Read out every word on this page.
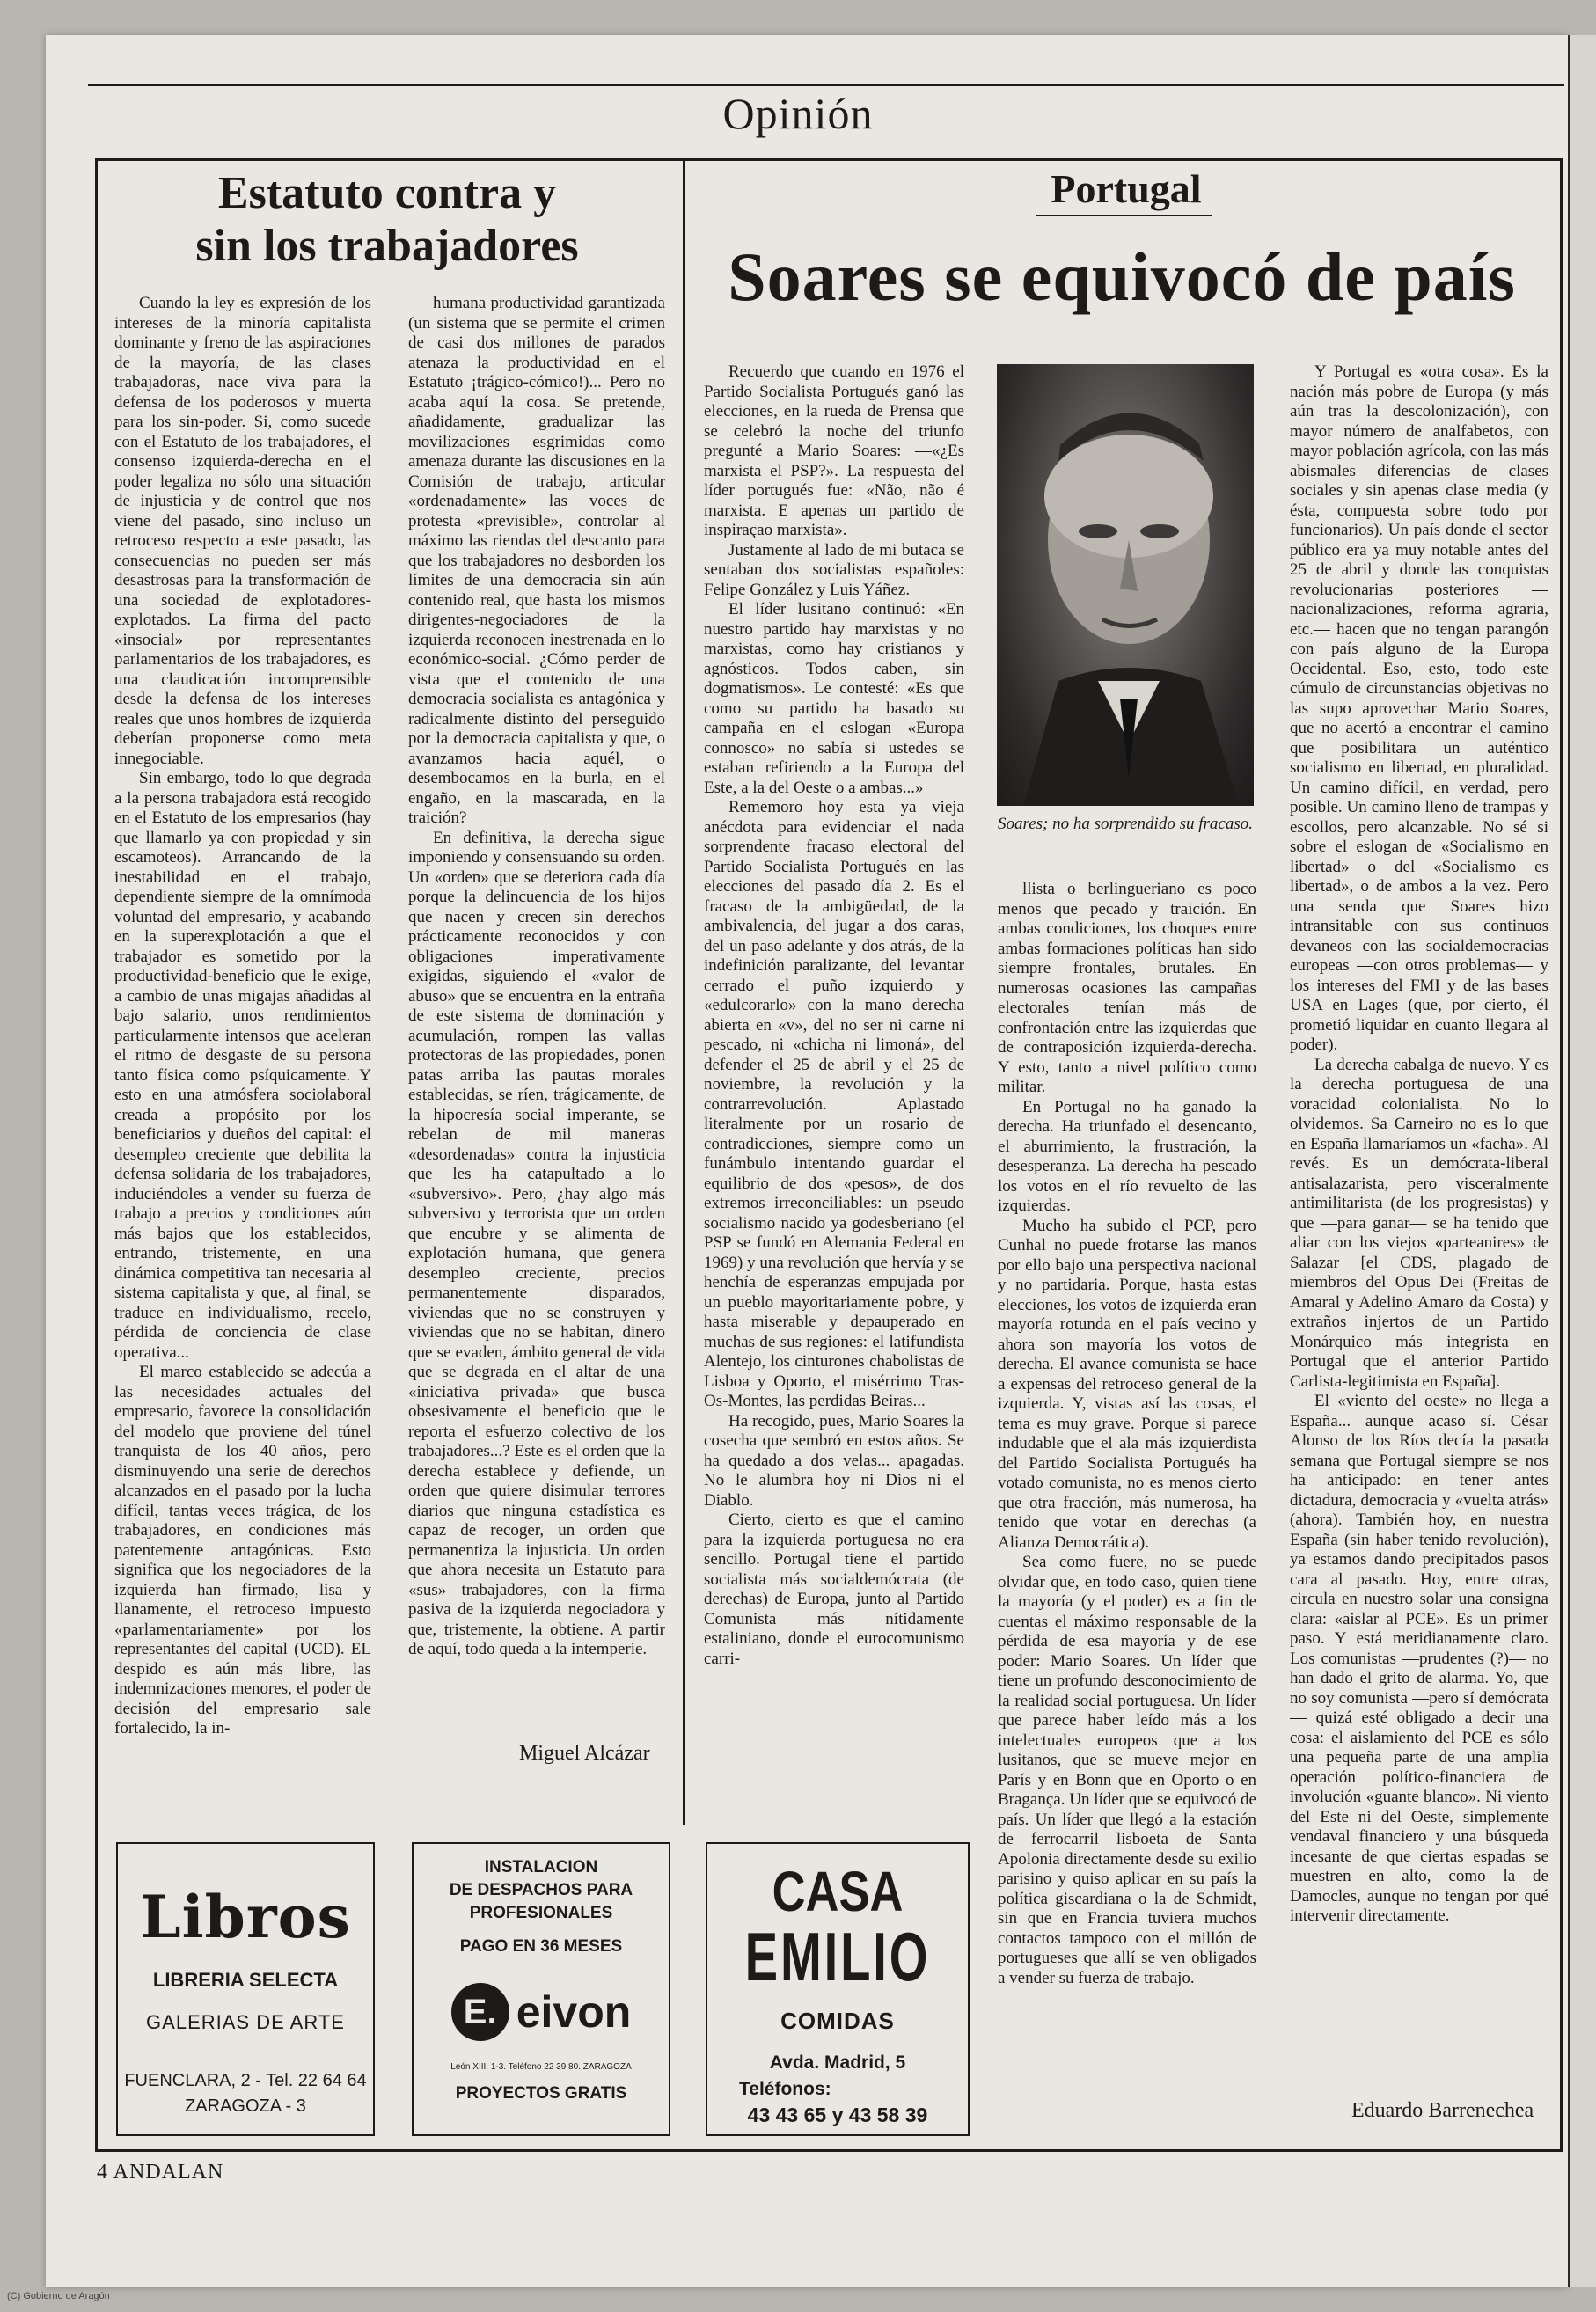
Opinión
Estatuto contra y
sin los trabajadores

Cuando la ley es expresión de los intereses de la minoría capitalista dominante y freno de las aspiraciones de la mayoría, de las clases trabajadoras, nace viva para la defensa de los poderosos y muerta para los sin-poder. Si, como sucede con el Estatuto de los trabajadores, el consenso izquierda-derecha en el poder legaliza no sólo una situación de injusticia y de control que nos viene del pasado, sino incluso un retroceso respecto a este pasado, las consecuencias no pueden ser más desastrosas para la transformación de una sociedad de explotadores-explotados. La firma del pacto «insocial» por representantes parlamentarios de los trabajadores, es una claudicación incomprensible desde la defensa de los intereses reales que unos hombres de izquierda deberían proponerse como meta innegociable.

Sin embargo, todo lo que degrada a la persona trabajadora está recogido en el Estatuto de los empresarios (hay que llamarlo ya con propiedad y sin escamoteos). Arrancando de la inestabilidad en el trabajo, dependiente siempre de la omnímoda voluntad del empresario, y acabando en la superexplotación a que el trabajador es sometido por la productividad-beneficio que le exige, a cambio de unas migajas añadidas al bajo salario, unos rendimientos particularmente intensos que aceleran el ritmo de desgaste de su persona tanto física como psíquicamente. Y esto en una atmósfera sociolaboral creada a propósito por los beneficiarios y dueños del capital: el desempleo creciente que debilita la defensa solidaria de los trabajadores, induciéndoles a vender su fuerza de trabajo a precios y condiciones aún más bajos que los establecidos, entrando, tristemente, en una dinámica competitiva tan necesaria al sistema capitalista y que, al final, se traduce en individualismo, recelo, pérdida de conciencia de clase operativa...

El marco establecido se adecúa a las necesidades actuales del empresario, favorece la consolidación del modelo que proviene del túnel tranquista de los 40 años, pero disminuyendo una serie de derechos alcanzados en el pasado por la lucha difícil, tantas veces trágica, de los trabajadores, en condiciones más patentemente antagónicas. Esto significa que los negociadores de la izquierda han firmado, lisa y llanamente, el retroceso impuesto «parlamentariamente» por los representantes del capital (UCD). EL despido es aún más libre, las indemnizaciones menores, el poder de decisión del empresario sale fortalecido, la in-

humana productividad garantizada (un sistema que se permite el crimen de casi dos millones de parados atenaza la productividad en el Estatuto ¡trágico-cómico!)... Pero no acaba aquí la cosa. Se pretende, añadidamente, gradualizar las movilizaciones esgrimidas como amenaza durante las discusiones en la Comisión de trabajo, articular «ordenadamente» las voces de protesta «previsible», controlar al máximo las riendas del descanto para que los trabajadores no desborden los límites de una democracia sin aún contenido real, que hasta los mismos dirigentes-negociadores de la izquierda reconocen inestrenada en lo económico-social. ¿Cómo perder de vista que el contenido de una democracia socialista es antagónica y radicalmente distinto del perseguido por la democracia capitalista y que, o avanzamos hacia aquél, o desembocamos en la burla, en el engaño, en la mascarada, en la traición?

En definitiva, la derecha sigue imponiendo y consensuando su orden. Un «orden» que se deteriora cada día porque la delincuencia de los hijos que nacen y crecen sin derechos prácticamente reconocidos y con obligaciones imperativamente exigidas, siguiendo el «valor de abuso» que se encuentra en la entraña de este sistema de dominación y acumulación, rompen las vallas protectoras de las propiedades, ponen patas arriba las pautas morales establecidas, se ríen, trágicamente, de la hipocresía social imperante, se rebelan de mil maneras «desordenadas» contra la injusticia que les ha catapultado a lo «subversivo». Pero, ¿hay algo más subversivo y terrorista que un orden que encubre y se alimenta de explotación humana, que genera desempleo creciente, precios permanentemente disparados, viviendas que no se construyen y viviendas que no se habitan, dinero que se evaden, ámbito general de vida que se degrada en el altar de una «iniciativa privada» que busca obsesivamente el beneficio que le reporta el esfuerzo colectivo de los trabajadores...? Este es el orden que la derecha establece y defiende, un orden que quiere disimular terrores diarios que ninguna estadística es capaz de recoger, un orden que permanentiza la injusticia. Un orden que ahora necesita un Estatuto para «sus» trabajadores, con la firma pasiva de la izquierda negociadora y que, tristemente, la obtiene. A partir de aquí, todo queda a la intemperie.

Miguel Alcázar
Portugal
Soares se equivocó de país

Recuerdo que cuando en 1976 el Partido Socialista Portugués ganó las elecciones, en la rueda de Prensa que se celebró la noche del triunfo pregunté a Mario Soares: —«¿Es marxista el PSP?». La respuesta del líder portugués fue: «Não, não é marxista. E apenas un partido de inspiraçao marxista».

Justamente al lado de mi butaca se sentaban dos socialistas españoles: Felipe González y Luis Yáñez.

El líder lusitano continuó: «En nuestro partido hay marxistas y no marxistas, como hay cristianos y agnósticos. Todos caben, sin dogmatismos». Le contesté: «Es que como su partido ha basado su campaña en el eslogan «Europa connosco» no sabía si ustedes se estaban refiriendo a la Europa del Este, a la del Oeste o a ambas...»

Rememoro hoy esta ya vieja anécdota para evidenciar el nada sorprendente fracaso electoral del Partido Socialista Portugués en las elecciones del pasado día 2. Es el fracaso de la ambigüedad, de la ambivalencia, del jugar a dos caras, del un paso adelante y dos atrás, de la indefinición paralizante, del levantar cerrado el puño izquierdo y «edulcorarlo» con la mano derecha abierta en «v», del no ser ni carne ni pescado, ni «chicha ni limoná», del defender el 25 de abril y el 25 de noviembre, la revolución y la contrarrevolución. Aplastado literalmente por un rosario de contradicciones, siempre como un funámbulo intentando guardar el equilibrio de dos «pesos», de dos extremos irreconciliables: un pseudo socialismo nacido ya godesberiano (el PSP se fundó en Alemania Federal en 1969) y una revolución que hervía y se henchía de esperanzas empujada por un pueblo mayoritariamente pobre, y hasta miserable y depauperado en muchas de sus regiones: el latifundista Alentejo, los cinturones chabolistas de Lisboa y Oporto, el misérrimo Tras-Os-Montes, las perdidas Beiras...

Ha recogido, pues, Mario Soares la cosecha que sembró en estos años. Se ha quedado a dos velas... apagadas. No le alumbra hoy ni Dios ni el Diablo.

Cierto, cierto es que el camino para la izquierda portuguesa no era sencillo. Portugal tiene el partido socialista más socialdemócrata (de derechas) de Europa, junto al Partido Comunista más nítidamente estaliniano, donde el eurocomunismo carri-

Soares; no ha sorprendido su fracaso.

llista o berlingueriano es poco menos que pecado y traición. En ambas condiciones, los choques entre ambas formaciones políticas han sido siempre frontales, brutales. En numerosas ocasiones las campañas electorales tenían más de confrontación entre las izquierdas que de contraposición izquierda-derecha. Y esto, tanto a nivel político como militar.

En Portugal no ha ganado la derecha. Ha triunfado el desencanto, el aburrimiento, la frustración, la desesperanza. La derecha ha pescado los votos en el río revuelto de las izquierdas.

Mucho ha subido el PCP, pero Cunhal no puede frotarse las manos por ello bajo una perspectiva nacional y no partidaria. Porque, hasta estas elecciones, los votos de izquierda eran mayoría rotunda en el país vecino y ahora son mayoría los votos de derecha. El avance comunista se hace a expensas del retroceso general de la izquierda. Y, vistas así las cosas, el tema es muy grave. Porque si parece indudable que el ala más izquierdista del Partido Socialista Portugués ha votado comunista, no es menos cierto que otra fracción, más numerosa, ha tenido que votar en derechas (a Alianza Democrática).

Sea como fuere, no se puede olvidar que, en todo caso, quien tiene la mayoría (y el poder) es a fin de cuentas el máximo responsable de la pérdida de esa mayoría y de ese poder: Mario Soares. Un líder que tiene un profundo desconocimiento de la realidad social portuguesa. Un líder que parece haber leído más a los intelectuales europeos que a los lusitanos, que se mueve mejor en París y en Bonn que en Oporto o en Bragança. Un líder que se equivocó de país. Un líder que llegó a la estación de ferrocarril lisboeta de Santa Apolonia directamente desde su exilio parisino y quiso aplicar en su país la política giscardiana o la de Schmidt, sin que en Francia tuviera muchos contactos tampoco con el millón de portugueses que allí se ven obligados a vender su fuerza de trabajo.

Y Portugal es «otra cosa». Es la nación más pobre de Europa (y más aún tras la descolonización), con mayor número de analfabetos, con mayor población agrícola, con las más abismales diferencias de clases sociales y sin apenas clase media (y ésta, compuesta sobre todo por funcionarios). Un país donde el sector público era ya muy notable antes del 25 de abril y donde las conquistas revolucionarias posteriores —nacionalizaciones, reforma agraria, etc.— hacen que no tengan parangón con país alguno de la Europa Occidental. Eso, esto, todo este cúmulo de circunstancias objetivas no las supo aprovechar Mario Soares, que no acertó a encontrar el camino que posibilitara un auténtico socialismo en libertad, en pluralidad. Un camino difícil, en verdad, pero posible. Un camino lleno de trampas y escollos, pero alcanzable. No sé si sobre el eslogan de «Socialismo en libertad» o del «Socialismo es libertad», o de ambos a la vez. Pero una senda que Soares hizo intransitable con sus continuos devaneos con las socialdemocracias europeas —con otros problemas— y los intereses del FMI y de las bases USA en Lages (que, por cierto, él prometió liquidar en cuanto llegara al poder).

La derecha cabalga de nuevo. Y es la derecha portuguesa de una voracidad colonialista. No lo olvidemos. Sa Carneiro no es lo que en España llamaríamos un «facha». Al revés. Es un demócrata-liberal antisalazarista, pero visceralmente antimilitarista (de los progresistas) y que —para ganar— se ha tenido que aliar con los viejos «parteanires» de Salazar [el CDS, plagado de miembros del Opus Dei (Freitas de Amaral y Adelino Amaro da Costa) y extraños injertos de un Partido Monárquico más integrista en Portugal que el anterior Partido Carlista-legitimista en España].

El «viento del oeste» no llega a España... aunque acaso sí. César Alonso de los Ríos decía la pasada semana que Portugal siempre se nos ha anticipado: en tener antes dictadura, democracia y «vuelta atrás» (ahora). También hoy, en nuestra España (sin haber tenido revolución), ya estamos dando precipitados pasos cara al pasado. Hoy, entre otras, circula en nuestro solar una consigna clara: «aislar al PCE». Es un primer paso. Y está meridianamente claro. Los comunistas —prudentes (?)— no han dado el grito de alarma. Yo, que no soy comunista —pero sí demócrata— quizá esté obligado a decir una cosa: el aislamiento del PCE es sólo una pequeña parte de una amplia operación político-financiera de involución «guante blanco». Ni viento del Este ni del Oeste, simplemente vendaval financiero y una búsqueda incesante de que ciertas espadas se muestren en alto, como la de Damocles, aunque no tengan por qué intervenir directamente.

Eduardo Barrenechea
Libros
LIBRERIA SELECTA
GALERIAS DE ARTE
FUENCLARA, 2 - Tel. 22 64 64
ZARAGOZA - 3
INSTALACION
DE DESPACHOS PARA
PROFESIONALES
PAGO EN 36 MESES
E. eivon
León XIII, 1-3. Teléfono 22 39 80. ZARAGOZA
PROYECTOS GRATIS
CASA
EMILIO
COMIDAS
Avda. Madrid, 5
Teléfonos:
43 43 65 y 43 58 39
4 ANDALAN
(C) Gobierno de Aragón
